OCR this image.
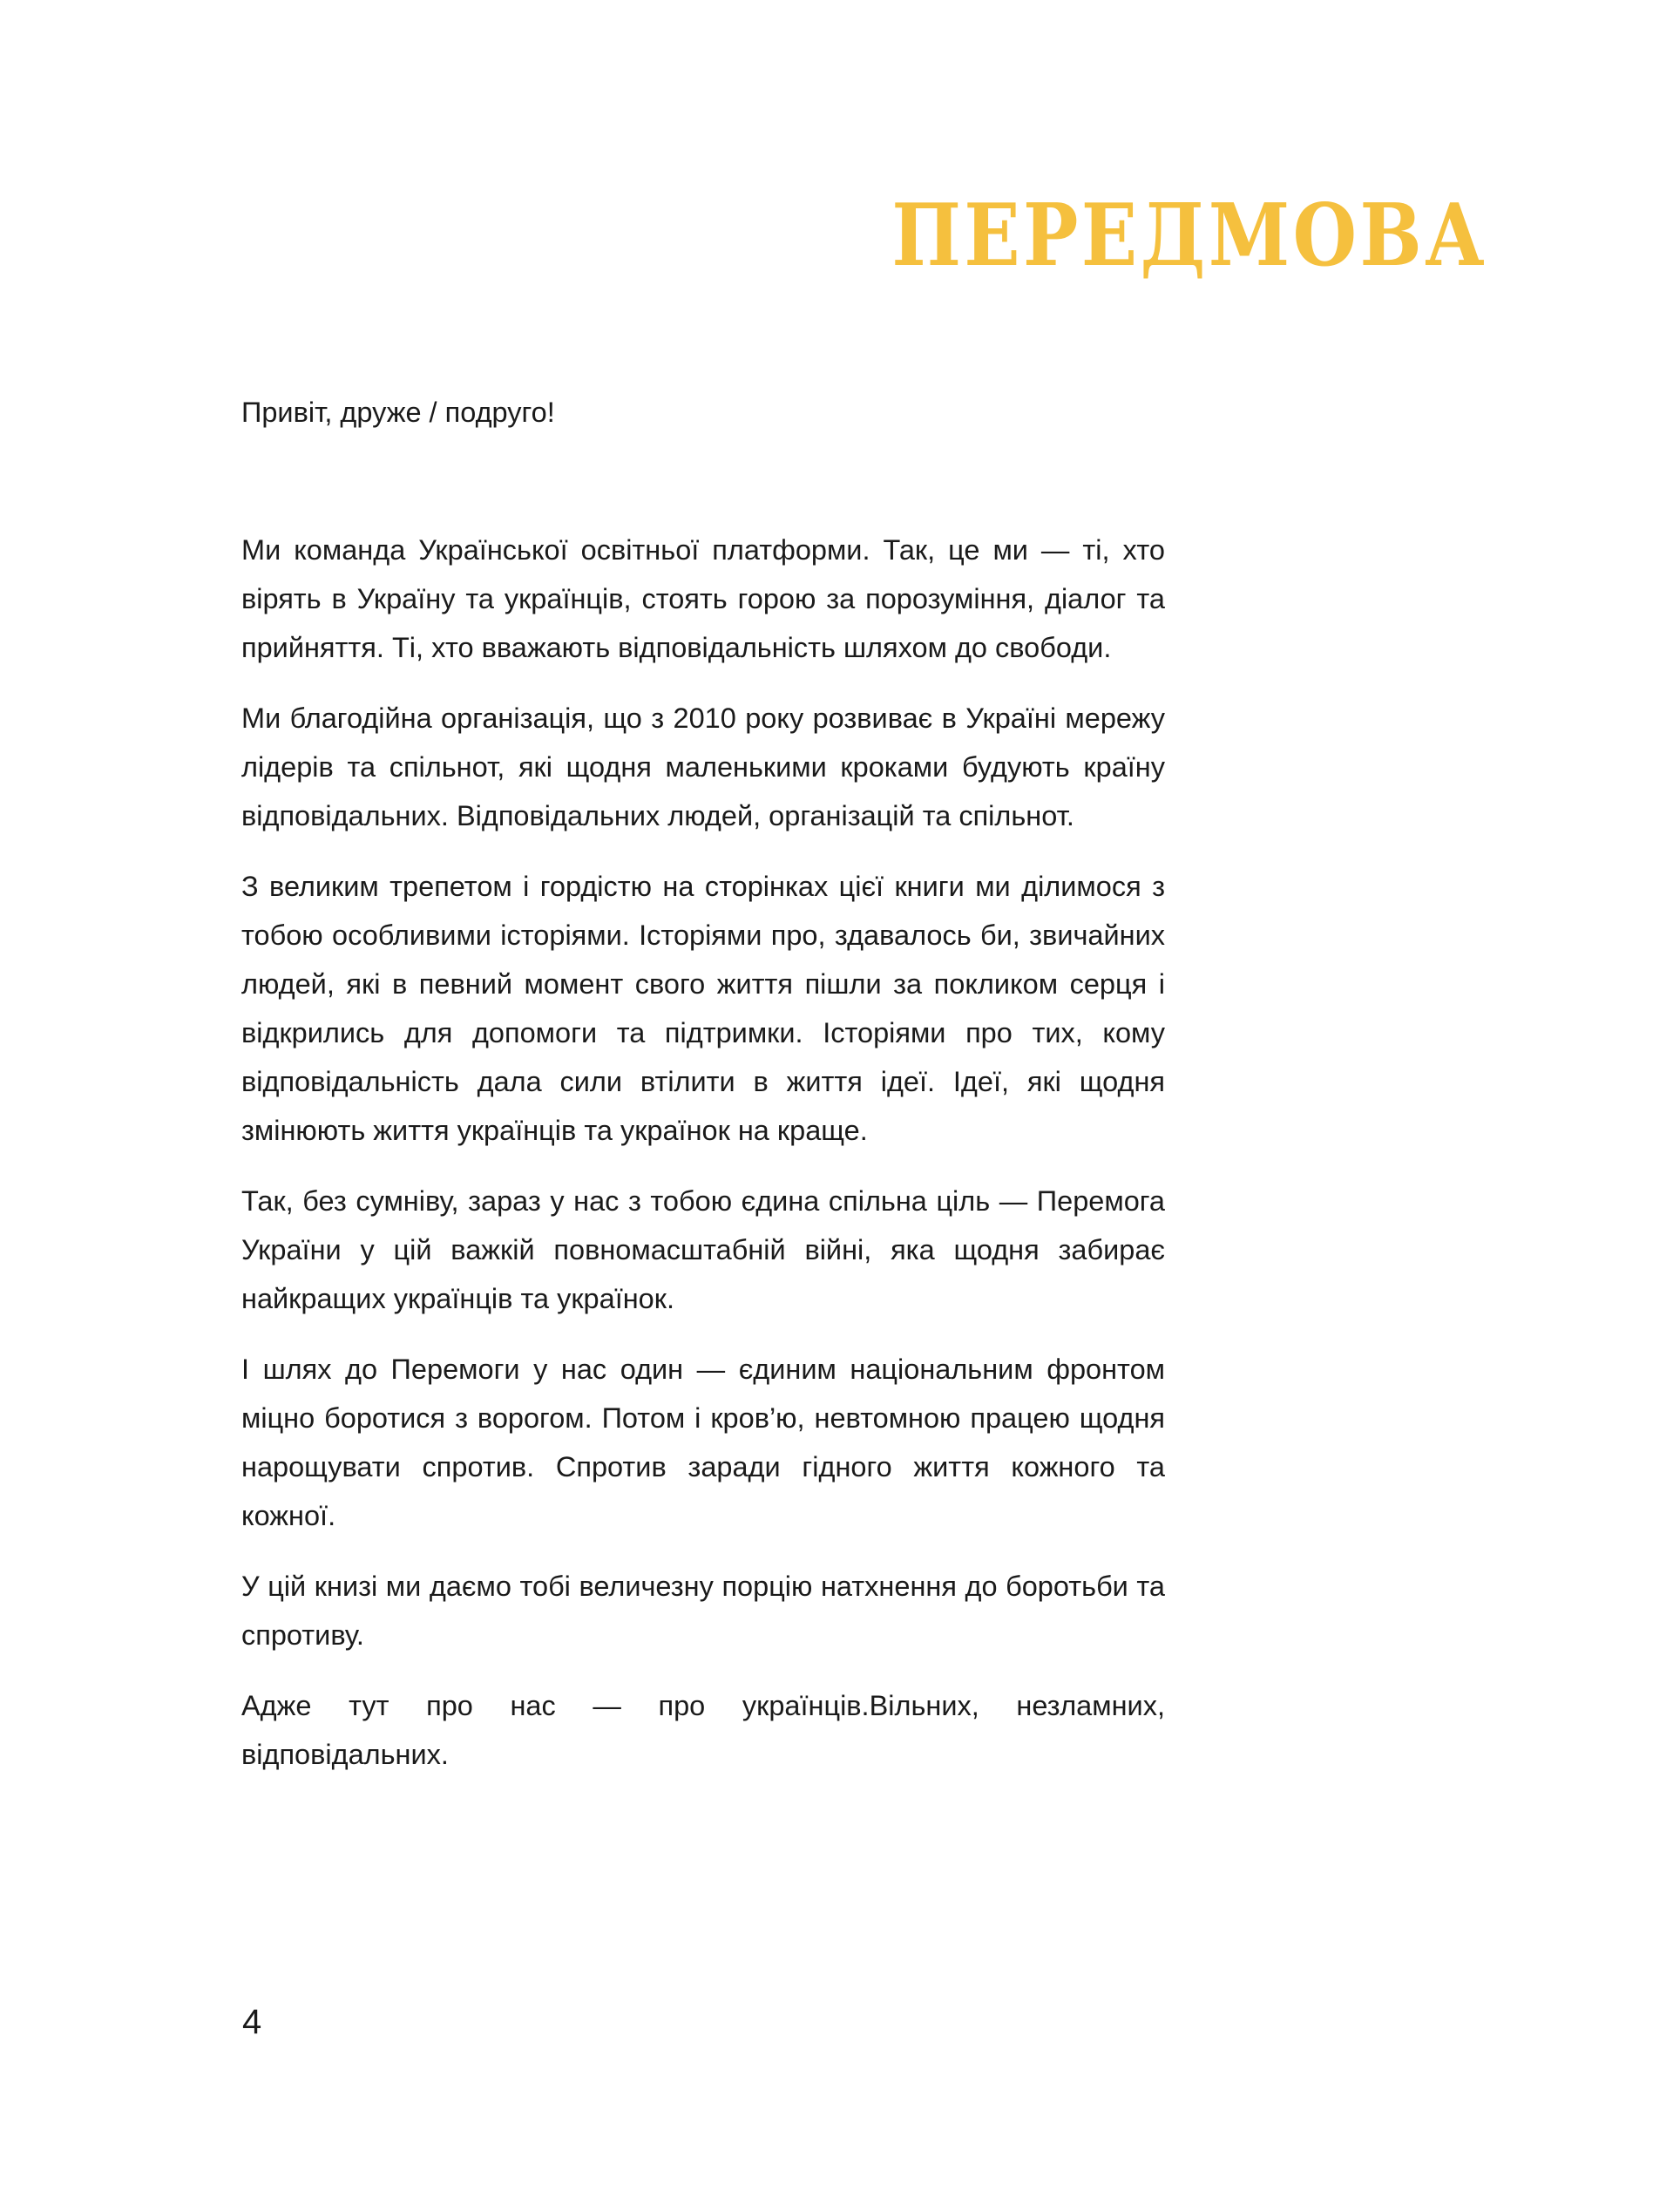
ПЕРЕДМОВА

Привіт, друже / подруго!

Ми команда Української освітньої платформи. Так, це ми — ті, хто вірять в Україну та українців, стоять горою за порозуміння, діалог та прийняття. Ті, хто вважають відповідальність шляхом до свободи.

Ми благодійна організація, що з 2010 року розвиває в Україні мережу лідерів та спільнот, які щодня маленькими кроками будують країну відповідальних. Відповідальних людей, організацій та спільнот.

З великим трепетом і гордістю на сторінках цієї книги ми ділимося з тобою особливими історіями. Історіями про, здавалось би, звичайних людей, які в певний момент свого життя пішли за покликом серця і відкрились для допомоги та підтримки. Історіями про тих, кому відповідальність дала сили втілити в життя ідеї. Ідеї, які щодня змінюють життя українців та українок на краще.

Так, без сумніву, зараз у нас з тобою єдина спільна ціль — Перемога України у цій важкій повномасштабній війні, яка щодня забирає найкращих українців та українок.

І шлях до Перемоги у нас один — єдиним національним фронтом міцно боротися з ворогом. Потом і кров’ю, невтомною працею щодня нарощувати спротив. Спротив заради гідного життя кожного та кожної.

У цій книзі ми даємо тобі величезну порцію натхнення до боротьби та спротиву.

Адже тут про нас — про українців.Вільних, незламних, відповідальних.

4
